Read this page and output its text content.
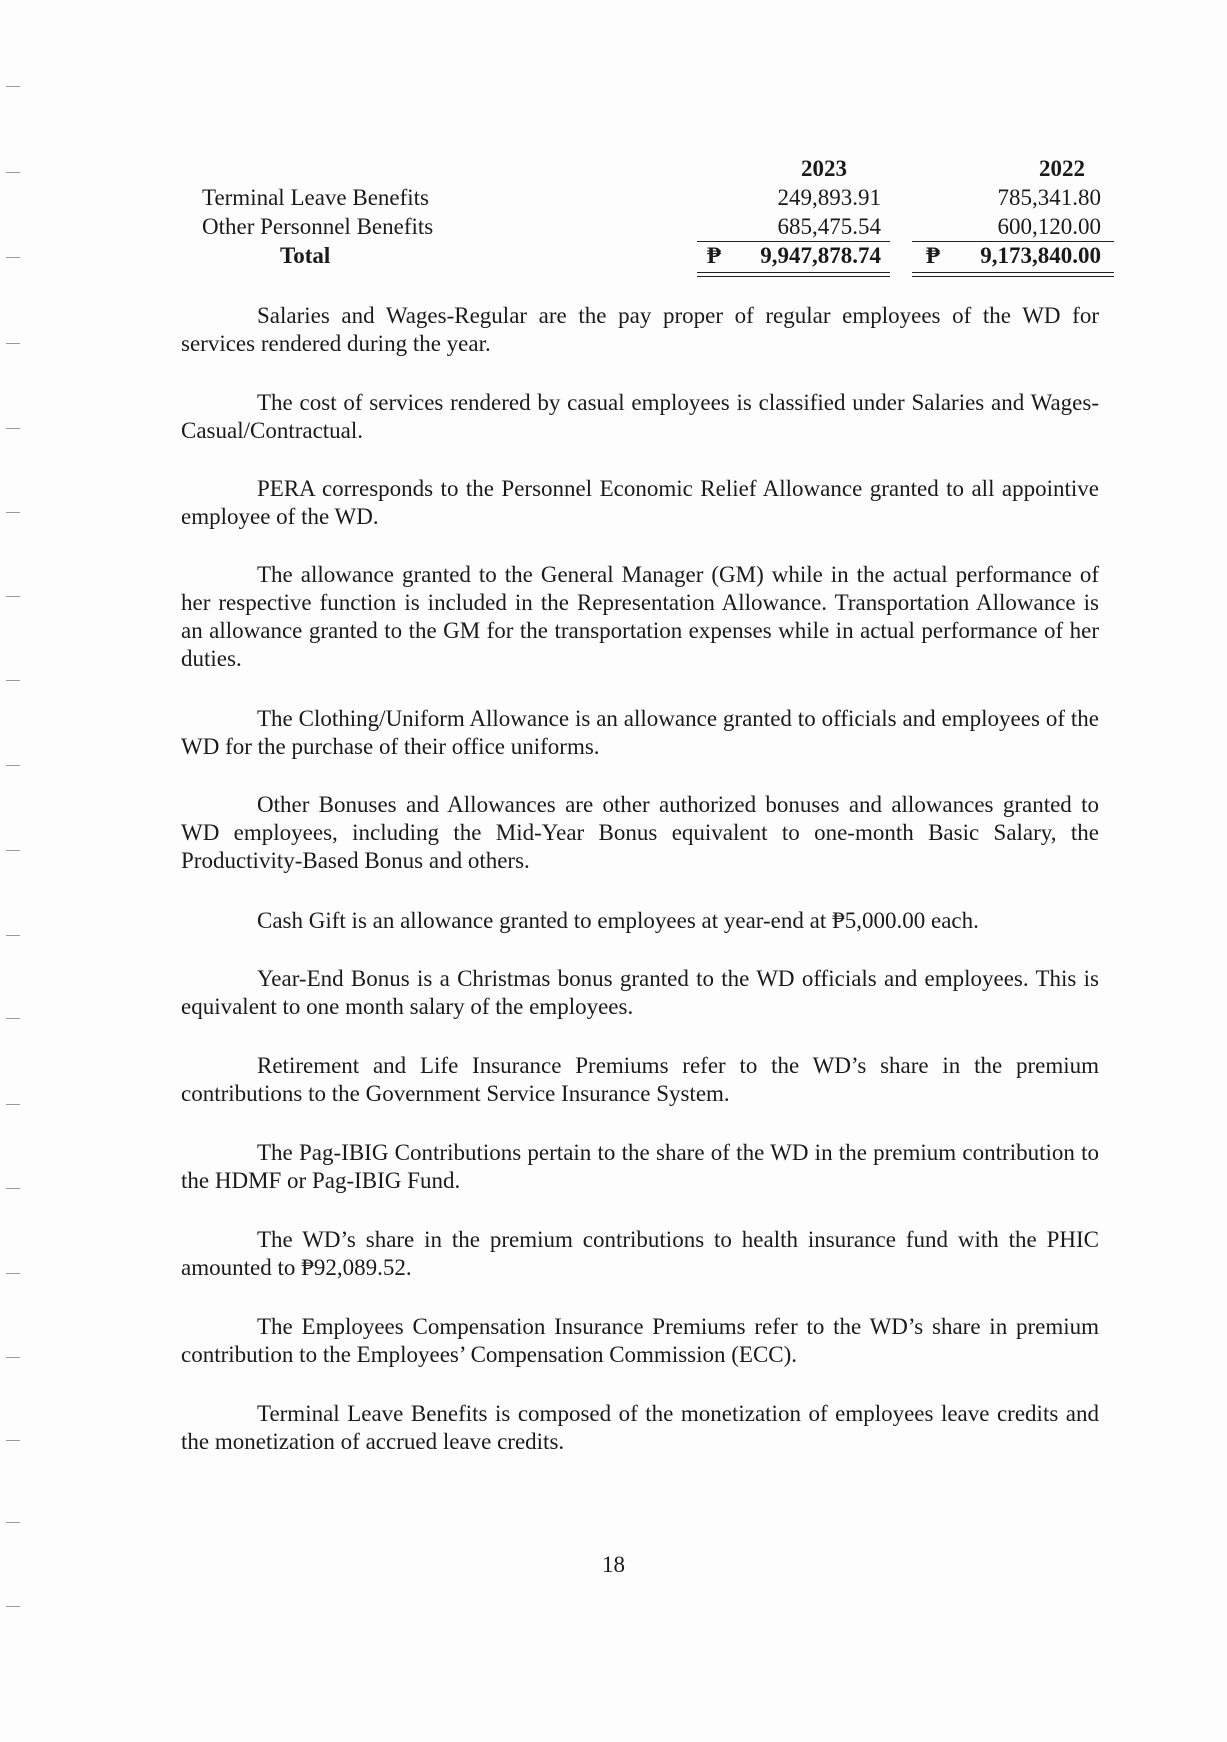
2023	2022
Terminal Leave Benefits	249,893.91	785,341.80
Other Personnel Benefits	685,475.54	600,120.00
Total	₱ 9,947,878.74 ₱ 9,173,840.00

Salaries and Wages-Regular are the pay proper of regular employees of the WD for services rendered during the year.

The cost of services rendered by casual employees is classified under Salaries and Wages-Casual/Contractual.

PERA corresponds to the Personnel Economic Relief Allowance granted to all appointive employee of the WD.

The allowance granted to the General Manager (GM) while in the actual performance of her respective function is included in the Representation Allowance. Transportation Allowance is an allowance granted to the GM for the transportation expenses while in actual performance of her duties.

The Clothing/Uniform Allowance is an allowance granted to officials and employees of the WD for the purchase of their office uniforms.

Other Bonuses and Allowances are other authorized bonuses and allowances granted to WD employees, including the Mid-Year Bonus equivalent to one-month Basic Salary, the Productivity-Based Bonus and others.

Cash Gift is an allowance granted to employees at year-end at ₱5,000.00 each.

Year-End Bonus is a Christmas bonus granted to the WD officials and employees. This is equivalent to one month salary of the employees.

Retirement and Life Insurance Premiums refer to the WD’s share in the premium contributions to the Government Service Insurance System.

The Pag-IBIG Contributions pertain to the share of the WD in the premium contribution to the HDMF or Pag-IBIG Fund.

The WD’s share in the premium contributions to health insurance fund with the PHIC amounted to ₱92,089.52.

The Employees Compensation Insurance Premiums refer to the WD’s share in premium contribution to the Employees’ Compensation Commission (ECC).

Terminal Leave Benefits is composed of the monetization of employees leave credits and the monetization of accrued leave credits.

18
